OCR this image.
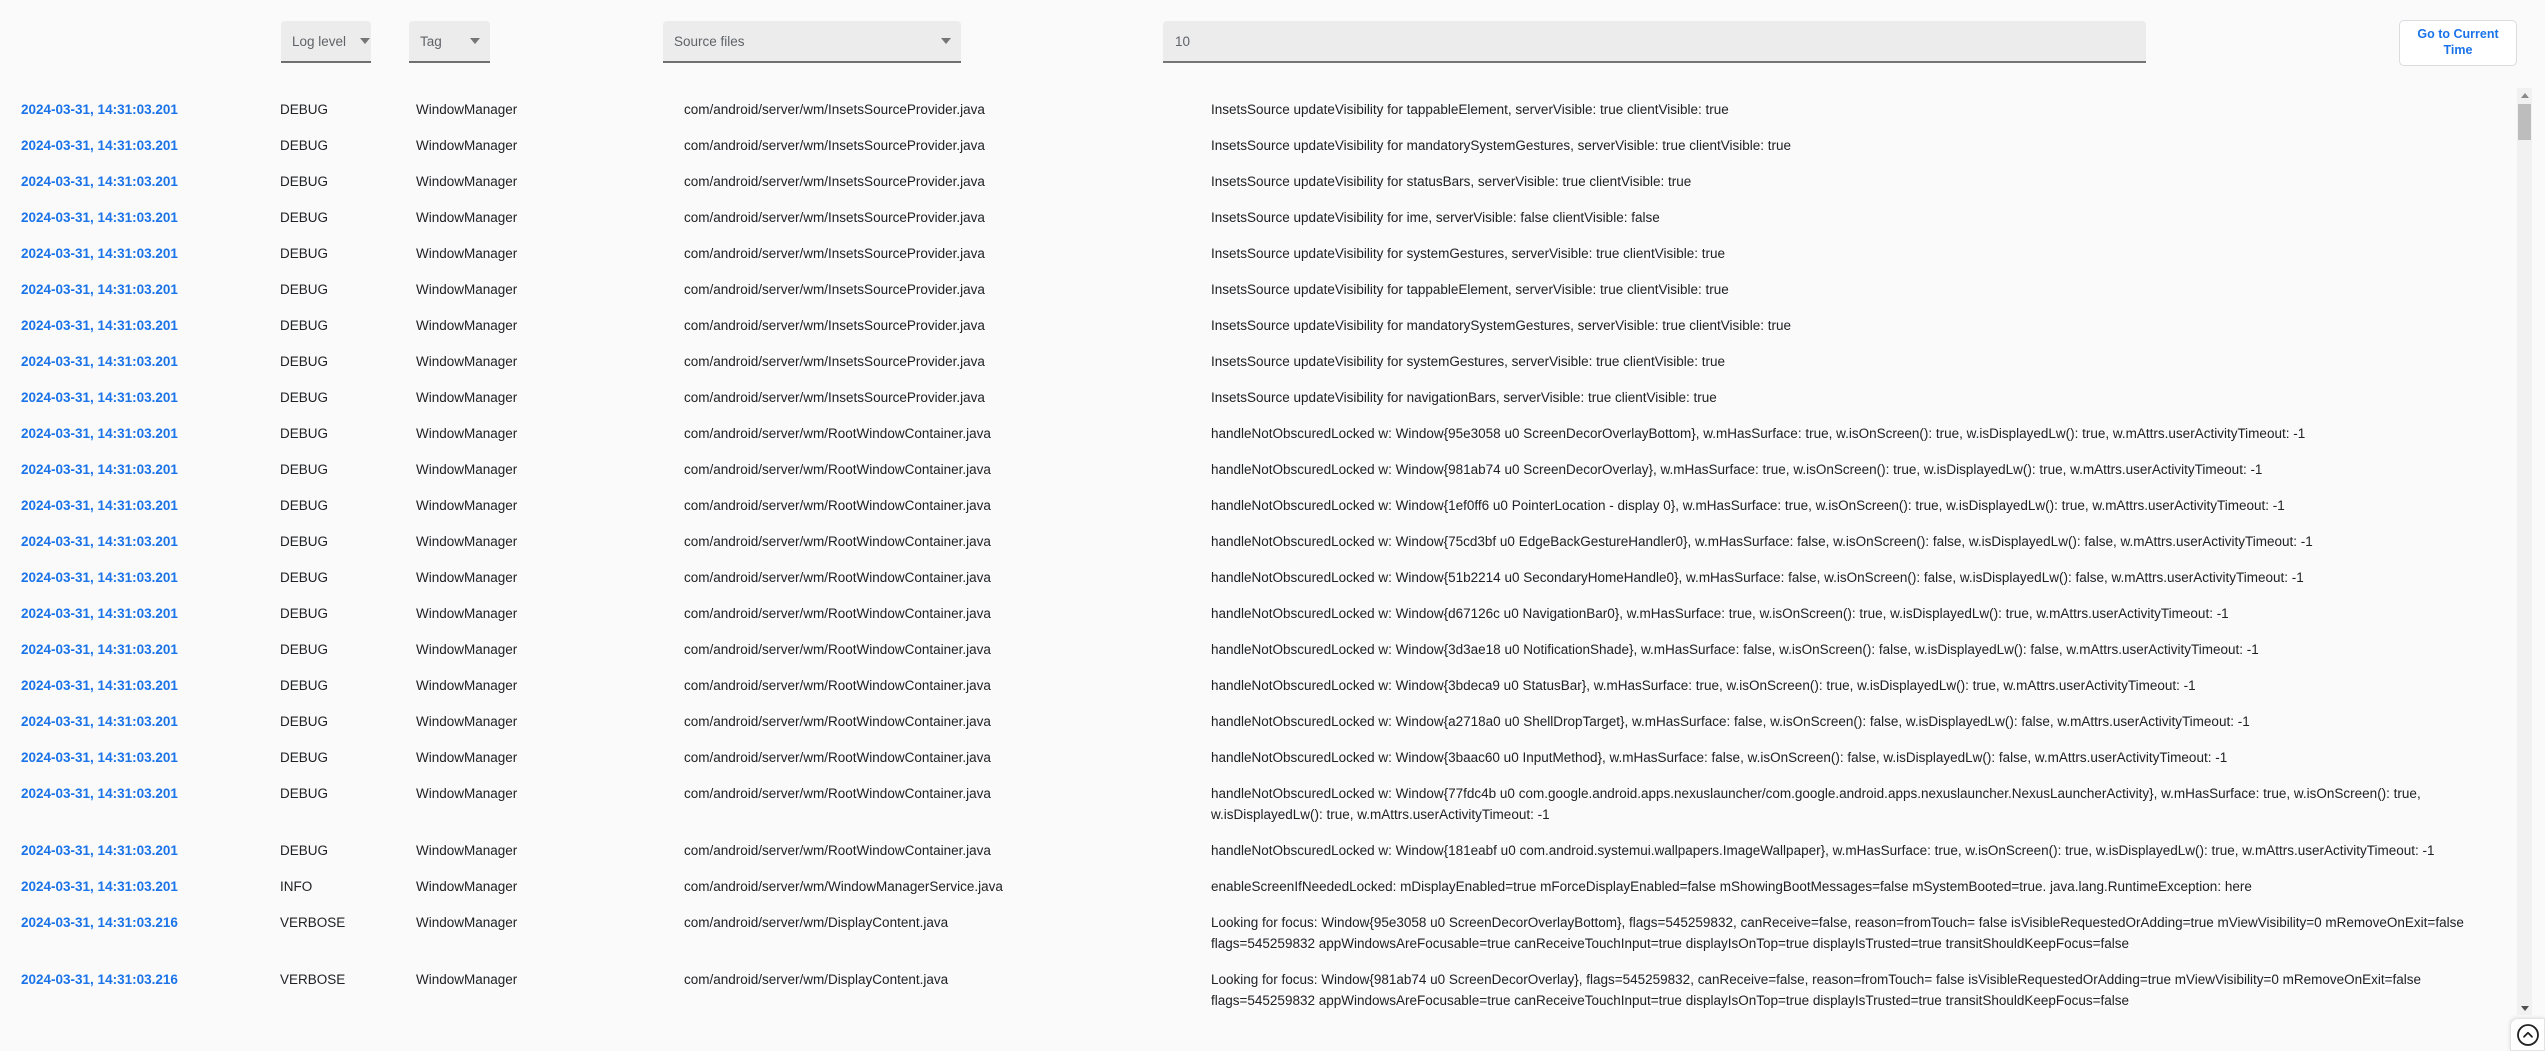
Log level	Tag	Source files
10	Go to Current Time
2024-03-31, 14:31:03.201	DEBUG	WindowManager	com/android/server/wm/InsetsSourceProvider.java	InsetsSource updateVisibility for tappableElement, serverVisible: true clientVisible: true
2024-03-31, 14:31:03.201	DEBUG	WindowManager	com/android/server/wm/InsetsSourceProvider.java	InsetsSource updateVisibility for mandatorySystemGestures, serverVisible: true clientVisible: true
2024-03-31, 14:31:03.201	DEBUG	WindowManager	com/android/server/wm/InsetsSourceProvider.java	InsetsSource updateVisibility for statusBars, serverVisible: true clientVisible: true
2024-03-31, 14:31:03.201	DEBUG	WindowManager	com/android/server/wm/InsetsSourceProvider.java	InsetsSource updateVisibility for ime, serverVisible: false clientVisible: false
2024-03-31, 14:31:03.201	DEBUG	WindowManager	com/android/server/wm/InsetsSourceProvider.java	InsetsSource updateVisibility for systemGestures, serverVisible: true clientVisible: true
2024-03-31, 14:31:03.201	DEBUG	WindowManager	com/android/server/wm/InsetsSourceProvider.java	InsetsSource updateVisibility for tappableElement, serverVisible: true clientVisible: true
2024-03-31, 14:31:03.201	DEBUG	WindowManager	com/android/server/wm/InsetsSourceProvider.java	InsetsSource updateVisibility for mandatorySystemGestures, serverVisible: true clientVisible: true
2024-03-31, 14:31:03.201	DEBUG	WindowManager	com/android/server/wm/InsetsSourceProvider.java	InsetsSource updateVisibility for systemGestures, serverVisible: true clientVisible: true
2024-03-31, 14:31:03.201	DEBUG	WindowManager	com/android/server/wm/InsetsSourceProvider.java	InsetsSource updateVisibility for navigationBars, serverVisible: true clientVisible: true
2024-03-31, 14:31:03.201	DEBUG	WindowManager	com/android/server/wm/RootWindowContainer.java	handleNotObscuredLocked w: Window{95e3058 u0 ScreenDecorOverlayBottom}, w.mHasSurface: true, w.isOnScreen(): true, w.isDisplayedLw(): true, w.mAttrs.userActivityTimeout: -1
2024-03-31, 14:31:03.201	DEBUG	WindowManager	com/android/server/wm/RootWindowContainer.java	handleNotObscuredLocked w: Window{981ab74 u0 ScreenDecorOverlay}, w.mHasSurface: true, w.isOnScreen(): true, w.isDisplayedLw(): true, w.mAttrs.userActivityTimeout: -1
2024-03-31, 14:31:03.201	DEBUG	WindowManager	com/android/server/wm/RootWindowContainer.java	handleNotObscuredLocked w: Window{1ef0ff6 u0 PointerLocation - display 0}, w.mHasSurface: true, w.isOnScreen(): true, w.isDisplayedLw(): true, w.mAttrs.userActivityTimeout: -1
2024-03-31, 14:31:03.201	DEBUG	WindowManager	com/android/server/wm/RootWindowContainer.java	handleNotObscuredLocked w: Window{75cd3bf u0 EdgeBackGestureHandler0}, w.mHasSurface: false, w.isOnScreen(): false, w.isDisplayedLw(): false, w.mAttrs.userActivityTimeout: -1
2024-03-31, 14:31:03.201	DEBUG	WindowManager	com/android/server/wm/RootWindowContainer.java	handleNotObscuredLocked w: Window{51b2214 u0 SecondaryHomeHandle0}, w.mHasSurface: false, w.isOnScreen(): false, w.isDisplayedLw(): false, w.mAttrs.userActivityTimeout: -1
2024-03-31, 14:31:03.201	DEBUG	WindowManager	com/android/server/wm/RootWindowContainer.java	handleNotObscuredLocked w: Window{d67126c u0 NavigationBar0}, w.mHasSurface: true, w.isOnScreen(): true, w.isDisplayedLw(): true, w.mAttrs.userActivityTimeout: -1
2024-03-31, 14:31:03.201	DEBUG	WindowManager	com/android/server/wm/RootWindowContainer.java	handleNotObscuredLocked w: Window{3d3ae18 u0 NotificationShade}, w.mHasSurface: false, w.isOnScreen(): false, w.isDisplayedLw(): false, w.mAttrs.userActivityTimeout: -1
2024-03-31, 14:31:03.201	DEBUG	WindowManager	com/android/server/wm/RootWindowContainer.java	handleNotObscuredLocked w: Window{3bdeca9 u0 StatusBar}, w.mHasSurface: true, w.isOnScreen(): true, w.isDisplayedLw(): true, w.mAttrs.userActivityTimeout: -1
2024-03-31, 14:31:03.201	DEBUG	WindowManager	com/android/server/wm/RootWindowContainer.java	handleNotObscuredLocked w: Window{a2718a0 u0 ShellDropTarget}, w.mHasSurface: false, w.isOnScreen(): false, w.isDisplayedLw(): false, w.mAttrs.userActivityTimeout: -1
2024-03-31, 14:31:03.201	DEBUG	WindowManager	com/android/server/wm/RootWindowContainer.java	handleNotObscuredLocked w: Window{3baac60 u0 InputMethod}, w.mHasSurface: false, w.isOnScreen(): false, w.isDisplayedLw(): false, w.mAttrs.userActivityTimeout: -1
2024-03-31, 14:31:03.201	DEBUG	WindowManager	com/android/server/wm/RootWindowContainer.java	handleNotObscuredLocked w: Window{77fdc4b u0 com.google.android.apps.nexuslauncher/com.google.android.apps.nexuslauncher.NexusLauncherActivity}, w.mHasSurface: true, w.isOnScreen(): true, w.isDisplayedLw(): true, w.mAttrs.userActivityTimeout: -1
2024-03-31, 14:31:03.201	DEBUG	WindowManager	com/android/server/wm/RootWindowContainer.java	handleNotObscuredLocked w: Window{181eabf u0 com.android.systemui.wallpapers.ImageWallpaper}, w.mHasSurface: true, w.isOnScreen(): true, w.isDisplayedLw(): true, w.mAttrs.userActivityTimeout: -1
2024-03-31, 14:31:03.201	INFO	WindowManager	com/android/server/wm/WindowManagerService.java	enableScreenIfNeededLocked: mDisplayEnabled=true mForceDisplayEnabled=false mShowingBootMessages=false mSystemBooted=true. java.lang.RuntimeException: here
2024-03-31, 14:31:03.216	VERBOSE	WindowManager	com/android/server/wm/DisplayContent.java	Looking for focus: Window{95e3058 u0 ScreenDecorOverlayBottom}, flags=545259832, canReceive=false, reason=fromTouch= false isVisibleRequestedOrAdding=true mViewVisibility=0 mRemoveOnExit=false flags=545259832 appWindowsAreFocusable=true canReceiveTouchInput=true displayIsOnTop=true displayIsTrusted=true transitShouldKeepFocus=false
2024-03-31, 14:31:03.216	VERBOSE	WindowManager	com/android/server/wm/DisplayContent.java	Looking for focus: Window{981ab74 u0 ScreenDecorOverlay}, flags=545259832, canReceive=false, reason=fromTouch= false isVisibleRequestedOrAdding=true mViewVisibility=0 mRemoveOnExit=false flags=545259832 appWindowsAreFocusable=true canReceiveTouchInput=true displayIsOnTop=true displayIsTrusted=true transitShouldKeepFocus=false
